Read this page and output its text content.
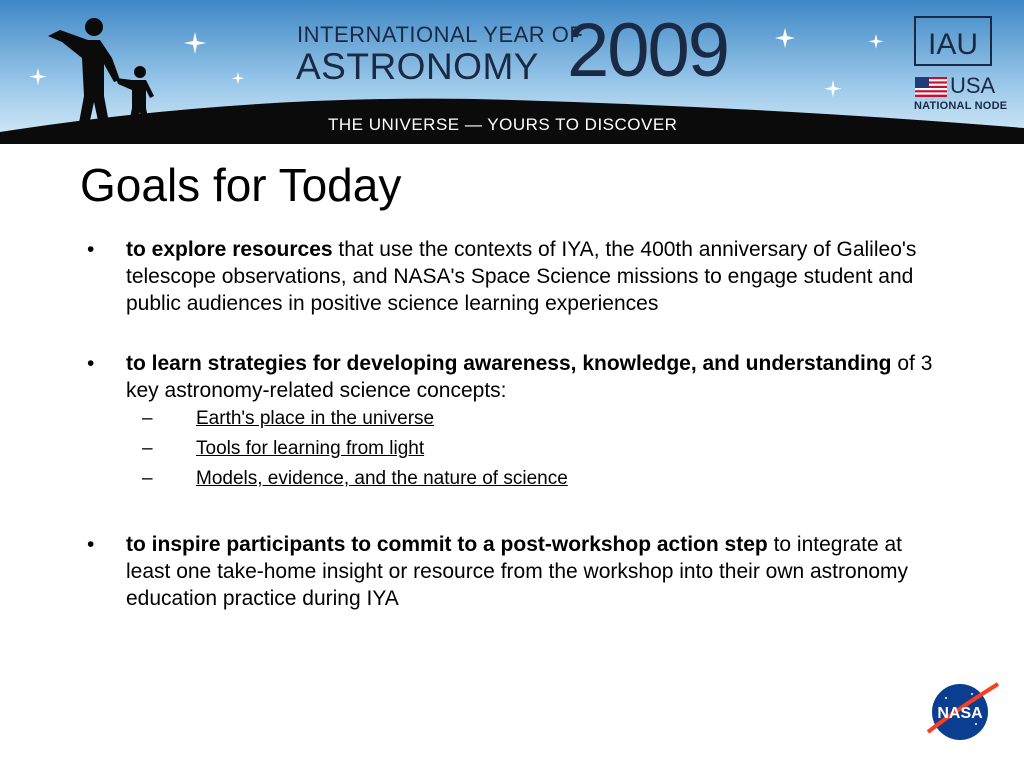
INTERNATIONAL YEAR OF
ASTRONOMY 2009
THE UNIVERSE — YOURS TO DISCOVER
IAU
USA
NATIONAL NODE
Goals for Today
• to explore resources that use the contexts of IYA, the 400th anniversary of Galileo's telescope observations, and NASA's Space Science missions to engage student and public audiences in positive science learning experiences
• to learn strategies for developing awareness, knowledge, and understanding of 3 key astronomy-related science concepts:
– Earth's place in the universe
– Tools for learning from light
– Models, evidence, and the nature of science
• to inspire participants to commit to a post-workshop action step to integrate at least one take-home insight or resource from the workshop into their own astronomy education practice during IYA
NASA
